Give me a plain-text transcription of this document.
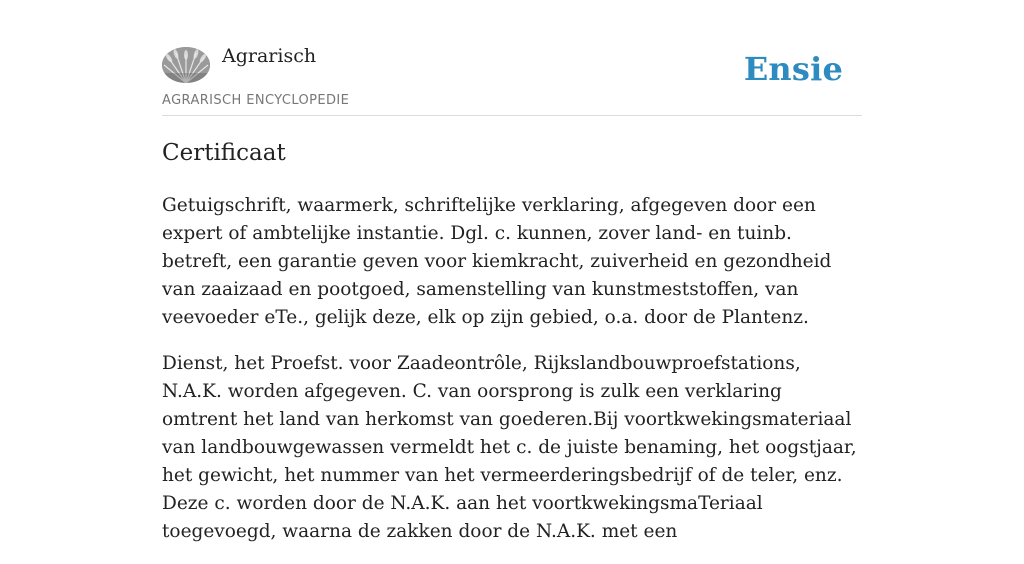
Agrarisch	Ensie
AGRARISCH ENCYCLOPEDIE
Certificaat

Getuigschrift, waarmerk, schriftelijke verklaring, afgegeven door een expert of ambtelijke instantie. Dgl. c. kunnen, zover land- en tuinb. betreft, een garantie geven voor kiemkracht, zuiverheid en gezondheid van zaaizaad en pootgoed, samenstelling van kunstmeststoffen, van veevoeder eTe., gelijk deze, elk op zijn gebied, o.a. door de Plantenz.

Dienst, het Proefst. voor Zaadeontrôle, Rijkslandbouwproefstations, N.A.K. worden afgegeven. C. van oorsprong is zulk een verklaring omtrent het land van herkomst van goederen.Bij voortkwekingsmateriaal van landbouwgewassen vermeldt het c. de juiste benaming, het oogstjaar, het gewicht, het nummer van het vermeerderingsbedrijf of de teler, enz. Deze c. worden door de N.A.K. aan het voortkwekingsmaTeriaal toegevoegd, waarna de zakken door de N.A.K. met een
